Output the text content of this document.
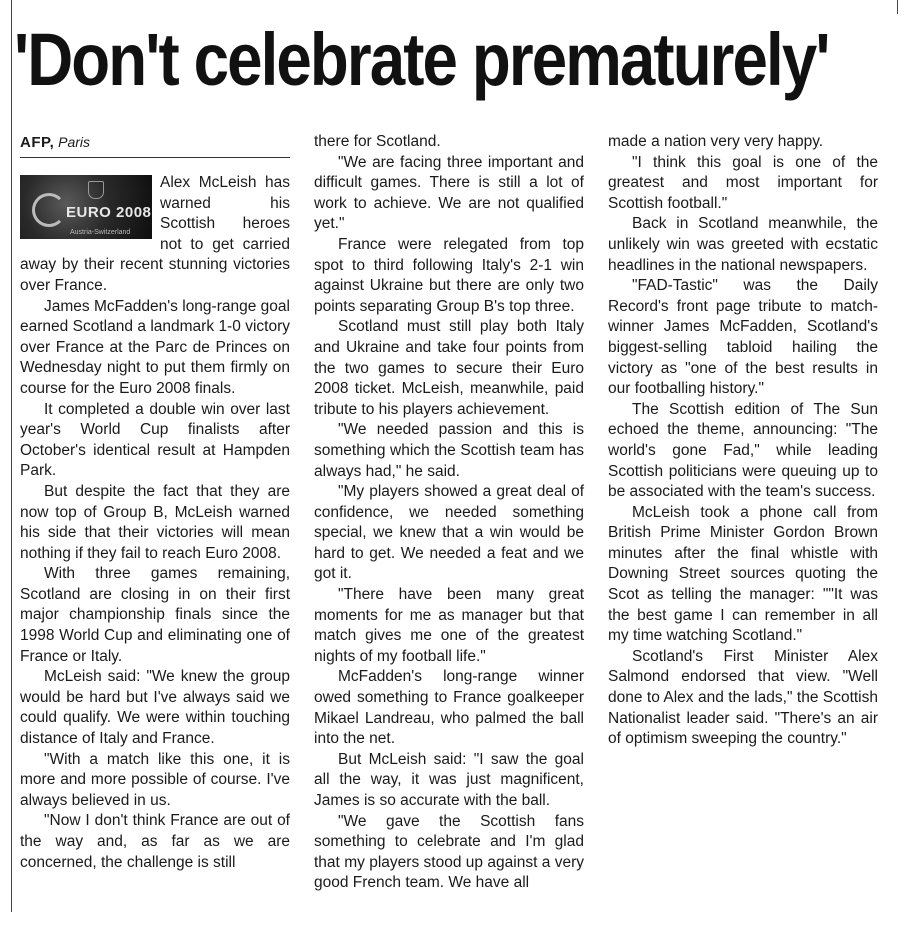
'Don't celebrate prematurely'
AFP, Paris
EURO 2008
Austria-Switzerland

Alex McLeish has warned his Scottish heroes not to get carried away by their recent stunning victories over France.

James McFadden's long-range goal earned Scotland a landmark 1-0 victory over France at the Parc de Princes on Wednesday night to put them firmly on course for the Euro 2008 finals.

It completed a double win over last year's World Cup finalists after October's identical result at Hampden Park.

But despite the fact that they are now top of Group B, McLeish warned his side that their victories will mean nothing if they fail to reach Euro 2008.

With three games remaining, Scotland are closing in on their first major championship finals since the 1998 World Cup and eliminating one of France or Italy.

McLeish said: "We knew the group would be hard but I've always said we could qualify. We were within touching distance of Italy and France.

"With a match like this one, it is more and more possible of course. I've always believed in us.

"Now I don't think France are out of the way and, as far as we are concerned, the challenge is still

there for Scotland.

"We are facing three important and difficult games. There is still a lot of work to achieve. We are not qualified yet."

France were relegated from top spot to third following Italy's 2-1 win against Ukraine but there are only two points separating Group B's top three.

Scotland must still play both Italy and Ukraine and take four points from the two games to secure their Euro 2008 ticket. McLeish, meanwhile, paid tribute to his players achievement.

"We needed passion and this is something which the Scottish team has always had," he said.

"My players showed a great deal of confidence, we needed something special, we knew that a win would be hard to get. We needed a feat and we got it.

"There have been many great moments for me as manager but that match gives me one of the greatest nights of my football life."

McFadden's long-range winner owed something to France goalkeeper Mikael Landreau, who palmed the ball into the net.

But McLeish said: "I saw the goal all the way, it was just magnificent, James is so accurate with the ball.

"We gave the Scottish fans something to celebrate and I'm glad that my players stood up against a very good French team. We have all

made a nation very very happy.

"I think this goal is one of the greatest and most important for Scottish football."

Back in Scotland meanwhile, the unlikely win was greeted with ecstatic headlines in the national newspapers.

"FAD-Tastic" was the Daily Record's front page tribute to match-winner James McFadden, Scotland's biggest-selling tabloid hailing the victory as "one of the best results in our footballing history."

The Scottish edition of The Sun echoed the theme, announcing: "The world's gone Fad," while leading Scottish politicians were queuing up to be associated with the team's success.

McLeish took a phone call from British Prime Minister Gordon Brown minutes after the final whistle with Downing Street sources quoting the Scot as telling the manager: ""It was the best game I can remember in all my time watching Scotland."

Scotland's First Minister Alex Salmond endorsed that view. "Well done to Alex and the lads," the Scottish Nationalist leader said. "There's an air of optimism sweeping the country."
